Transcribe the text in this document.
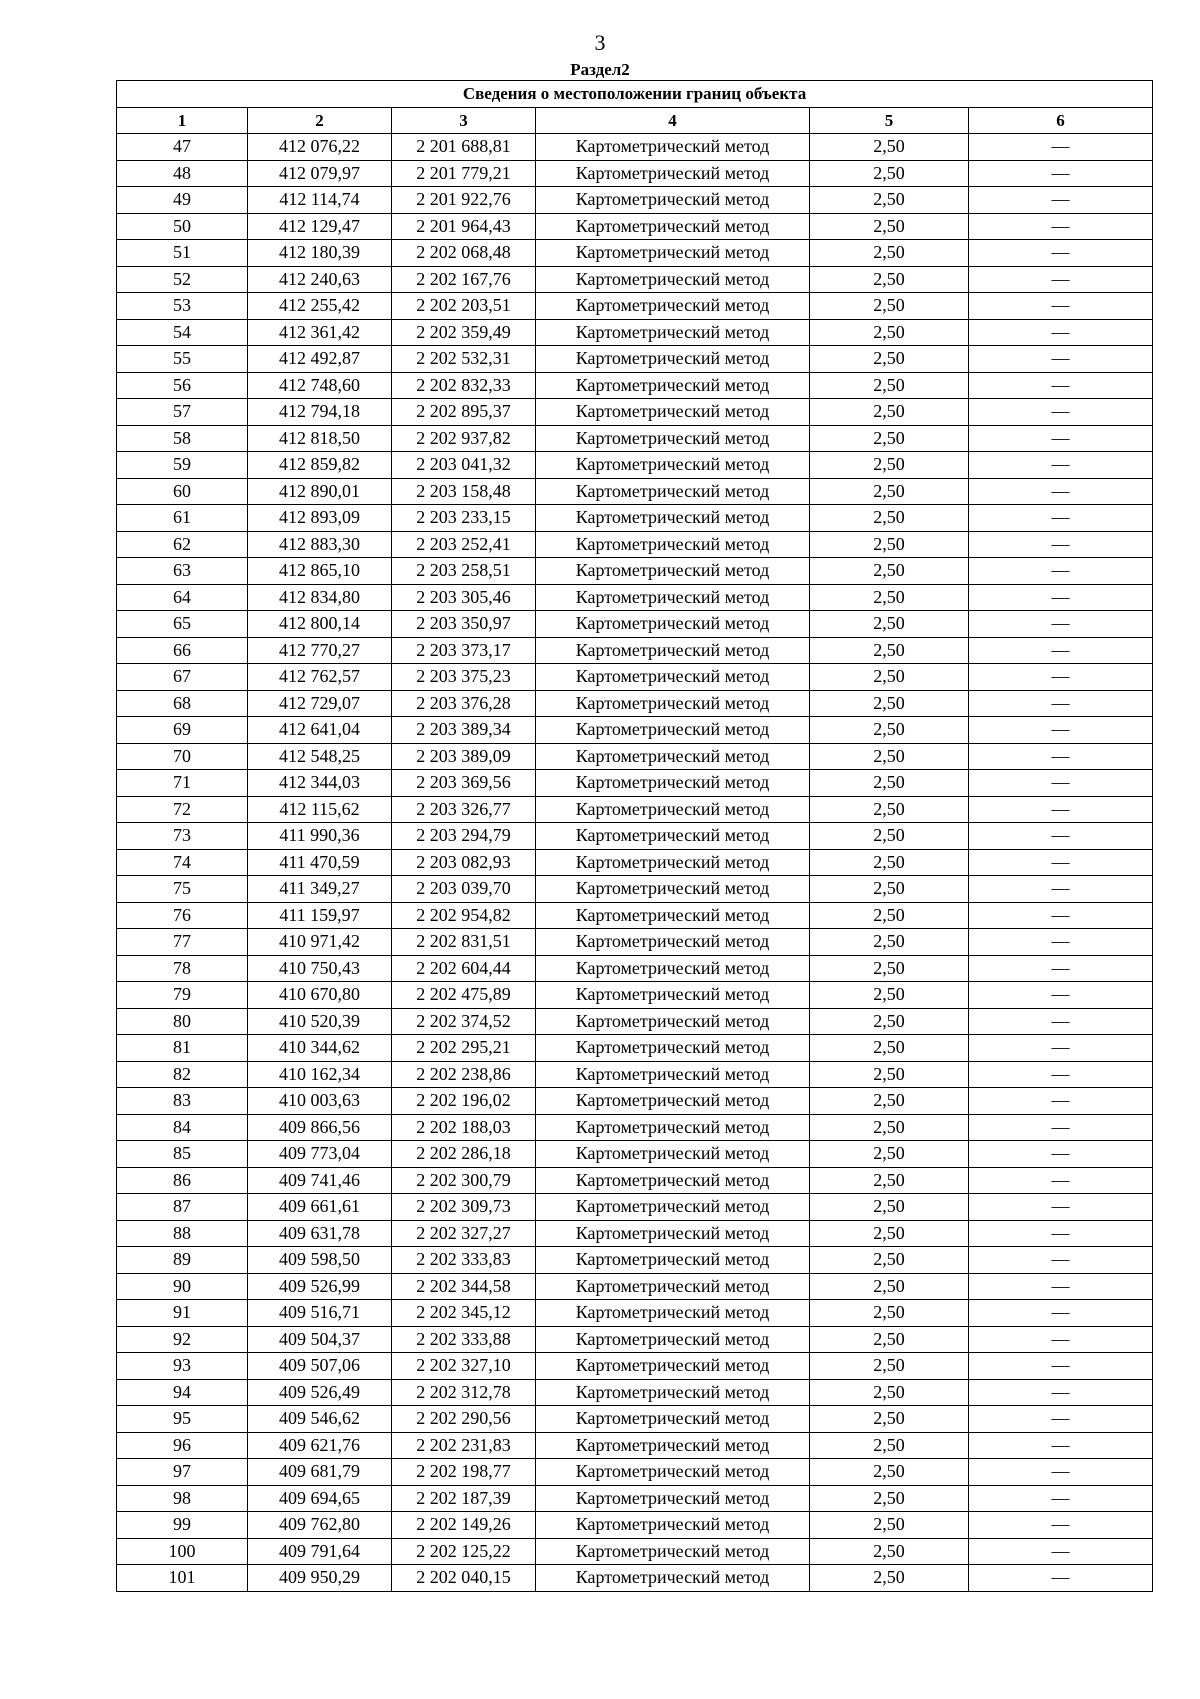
3
Раздел2
Сведения о местоположении границ объекта					
1	2	3	4	5	6
47	412 076,22	2 201 688,81	Картометрический метод	2,50	—
48	412 079,97	2 201 779,21	Картометрический метод	2,50	—
49	412 114,74	2 201 922,76	Картометрический метод	2,50	—
50	412 129,47	2 201 964,43	Картометрический метод	2,50	—
51	412 180,39	2 202 068,48	Картометрический метод	2,50	—
52	412 240,63	2 202 167,76	Картометрический метод	2,50	—
53	412 255,42	2 202 203,51	Картометрический метод	2,50	—
54	412 361,42	2 202 359,49	Картометрический метод	2,50	—
55	412 492,87	2 202 532,31	Картометрический метод	2,50	—
56	412 748,60	2 202 832,33	Картометрический метод	2,50	—
57	412 794,18	2 202 895,37	Картометрический метод	2,50	—
58	412 818,50	2 202 937,82	Картометрический метод	2,50	—
59	412 859,82	2 203 041,32	Картометрический метод	2,50	—
60	412 890,01	2 203 158,48	Картометрический метод	2,50	—
61	412 893,09	2 203 233,15	Картометрический метод	2,50	—
62	412 883,30	2 203 252,41	Картометрический метод	2,50	—
63	412 865,10	2 203 258,51	Картометрический метод	2,50	—
64	412 834,80	2 203 305,46	Картометрический метод	2,50	—
65	412 800,14	2 203 350,97	Картометрический метод	2,50	—
66	412 770,27	2 203 373,17	Картометрический метод	2,50	—
67	412 762,57	2 203 375,23	Картометрический метод	2,50	—
68	412 729,07	2 203 376,28	Картометрический метод	2,50	—
69	412 641,04	2 203 389,34	Картометрический метод	2,50	—
70	412 548,25	2 203 389,09	Картометрический метод	2,50	—
71	412 344,03	2 203 369,56	Картометрический метод	2,50	—
72	412 115,62	2 203 326,77	Картометрический метод	2,50	—
73	411 990,36	2 203 294,79	Картометрический метод	2,50	—
74	411 470,59	2 203 082,93	Картометрический метод	2,50	—
75	411 349,27	2 203 039,70	Картометрический метод	2,50	—
76	411 159,97	2 202 954,82	Картометрический метод	2,50	—
77	410 971,42	2 202 831,51	Картометрический метод	2,50	—
78	410 750,43	2 202 604,44	Картометрический метод	2,50	—
79	410 670,80	2 202 475,89	Картометрический метод	2,50	—
80	410 520,39	2 202 374,52	Картометрический метод	2,50	—
81	410 344,62	2 202 295,21	Картометрический метод	2,50	—
82	410 162,34	2 202 238,86	Картометрический метод	2,50	—
83	410 003,63	2 202 196,02	Картометрический метод	2,50	—
84	409 866,56	2 202 188,03	Картометрический метод	2,50	—
85	409 773,04	2 202 286,18	Картометрический метод	2,50	—
86	409 741,46	2 202 300,79	Картометрический метод	2,50	—
87	409 661,61	2 202 309,73	Картометрический метод	2,50	—
88	409 631,78	2 202 327,27	Картометрический метод	2,50	—
89	409 598,50	2 202 333,83	Картометрический метод	2,50	—
90	409 526,99	2 202 344,58	Картометрический метод	2,50	—
91	409 516,71	2 202 345,12	Картометрический метод	2,50	—
92	409 504,37	2 202 333,88	Картометрический метод	2,50	—
93	409 507,06	2 202 327,10	Картометрический метод	2,50	—
94	409 526,49	2 202 312,78	Картометрический метод	2,50	—
95	409 546,62	2 202 290,56	Картометрический метод	2,50	—
96	409 621,76	2 202 231,83	Картометрический метод	2,50	—
97	409 681,79	2 202 198,77	Картометрический метод	2,50	—
98	409 694,65	2 202 187,39	Картометрический метод	2,50	—
99	409 762,80	2 202 149,26	Картометрический метод	2,50	—
100	409 791,64	2 202 125,22	Картометрический метод	2,50	—
101	409 950,29	2 202 040,15	Картометрический метод	2,50	—
